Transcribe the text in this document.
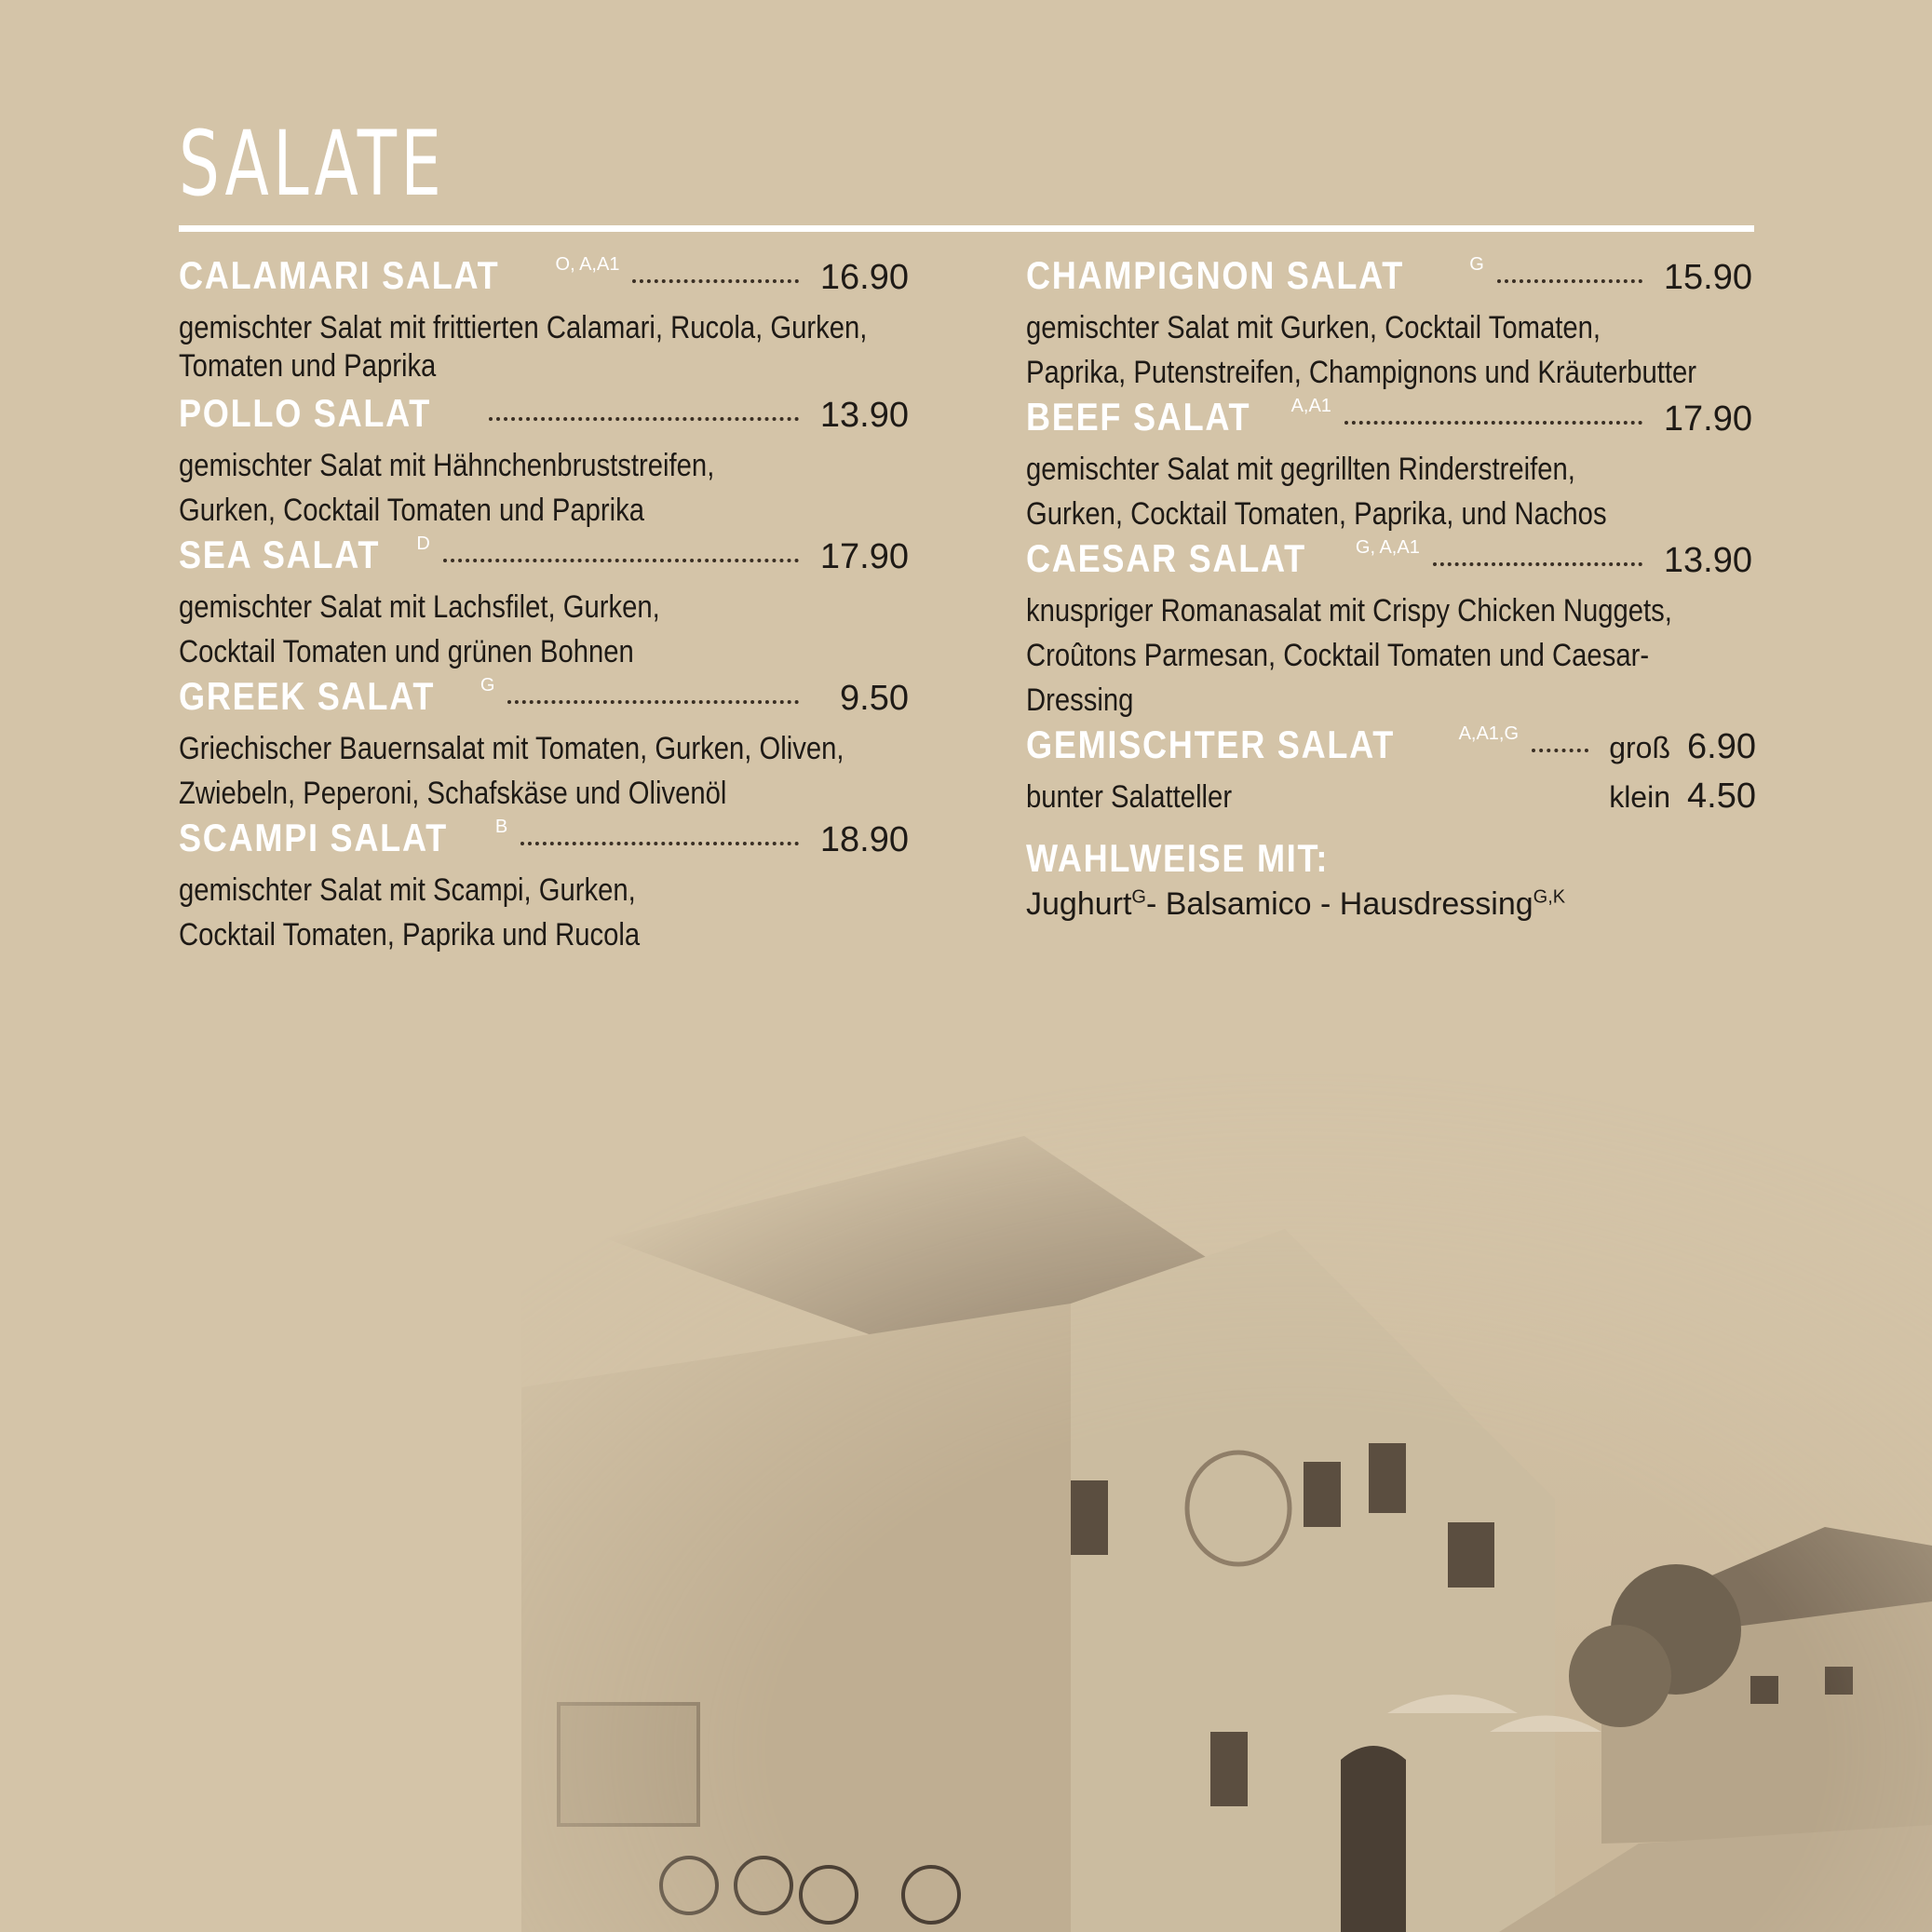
SALATE
CALAMARI SALAT	O, A,A1	16.90
gemischter Salat mit frittierten Calamari, Rucola, Gurken,
Tomaten und Paprika
POLLO SALAT	13.90
gemischter Salat mit Hähnchenbruststreifen,
Gurken, Cocktail Tomaten und Paprika
SEA SALAT D	17.90
gemischter Salat mit Lachsfilet, Gurken,
Cocktail Tomaten und grünen Bohnen
GREEK SALAT G	9.50
Griechischer Bauernsalat mit Tomaten, Gurken, Oliven,
Zwiebeln, Peperoni, Schafskäse und Olivenöl
SCAMPI SALAT	B	18.90
gemischter Salat mit Scampi, Gurken,
Cocktail Tomaten, Paprika und Rucola
CHAMPIGNON SALAT	G	15.90
gemischter Salat mit Gurken, Cocktail Tomaten,
Paprika, Putenstreifen, Champignons und Kräuterbutter
BEEF SALAT A,A1	17.90
gemischter Salat mit gegrillten Rinderstreifen,
Gurken, Cocktail Tomaten, Paprika, und Nachos
CAESAR SALAT	G, A,A1	13.90
knuspriger Romanasalat mit Crispy Chicken Nuggets,
Croûtons Parmesan, Cocktail Tomaten und Caesar-Dressing
GEMISCHTER SALAT	A,A1,G	groß 6.90
bunter Salatteller	klein 4.50
WAHLWEISE MIT:
Jughurt$^G$- Balsamico - Hausdressing$^{G,K}$
